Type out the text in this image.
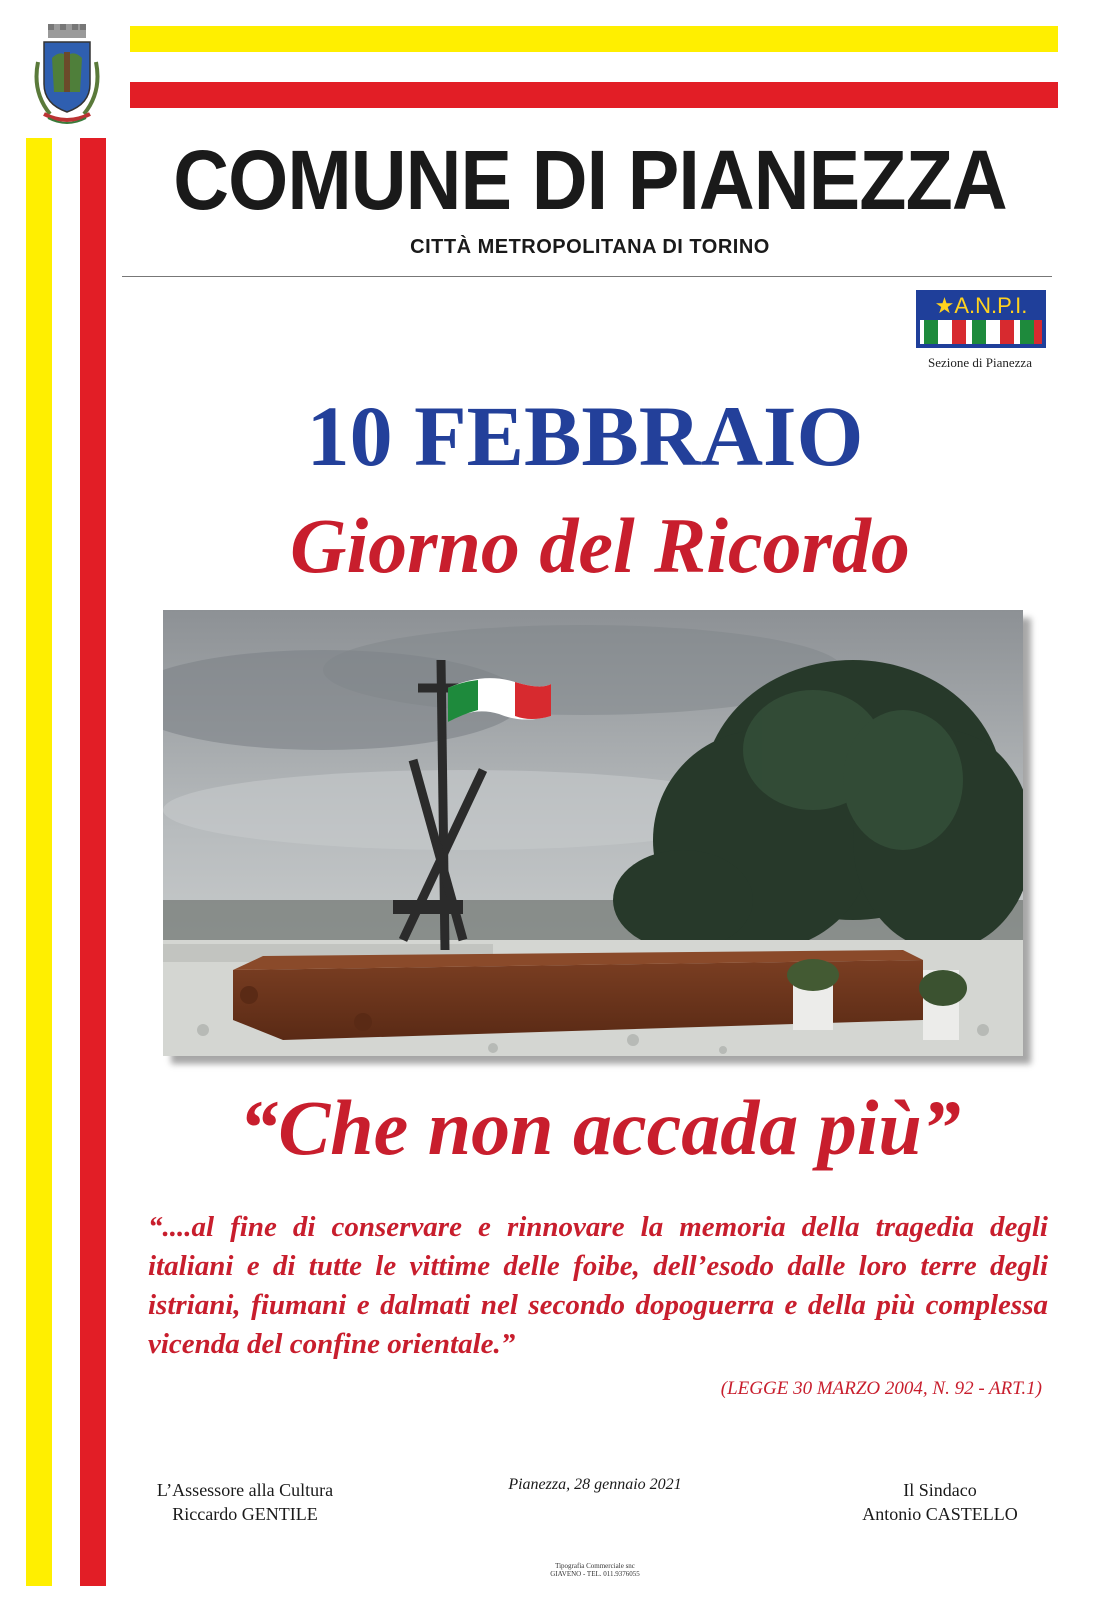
COMUNE DI PIANEZZA
CITTÀ METROPOLITANA DI TORINO
★A.N.P.I.
Sezione di Pianezza
10 FEBBRAIO
Giorno del Ricordo
“Che non accada più”
“....al fine di conservare e rinnovare la memoria della tragedia degli italiani e di tutte le vittime delle foibe, dell’esodo dalle loro terre degli istriani, fiumani e dalmati nel secondo dopoguerra e della più complessa vicenda del confine orientale.”
(LEGGE 30 MARZO 2004, N. 92 - ART.1)
L’Assessore alla Cultura
Riccardo GENTILE
Pianezza, 28 gennaio 2021	Il Sindaco
Antonio CASTELLO
Tipografia Commerciale snc
GIAVENO - TEL. 011.9376055
